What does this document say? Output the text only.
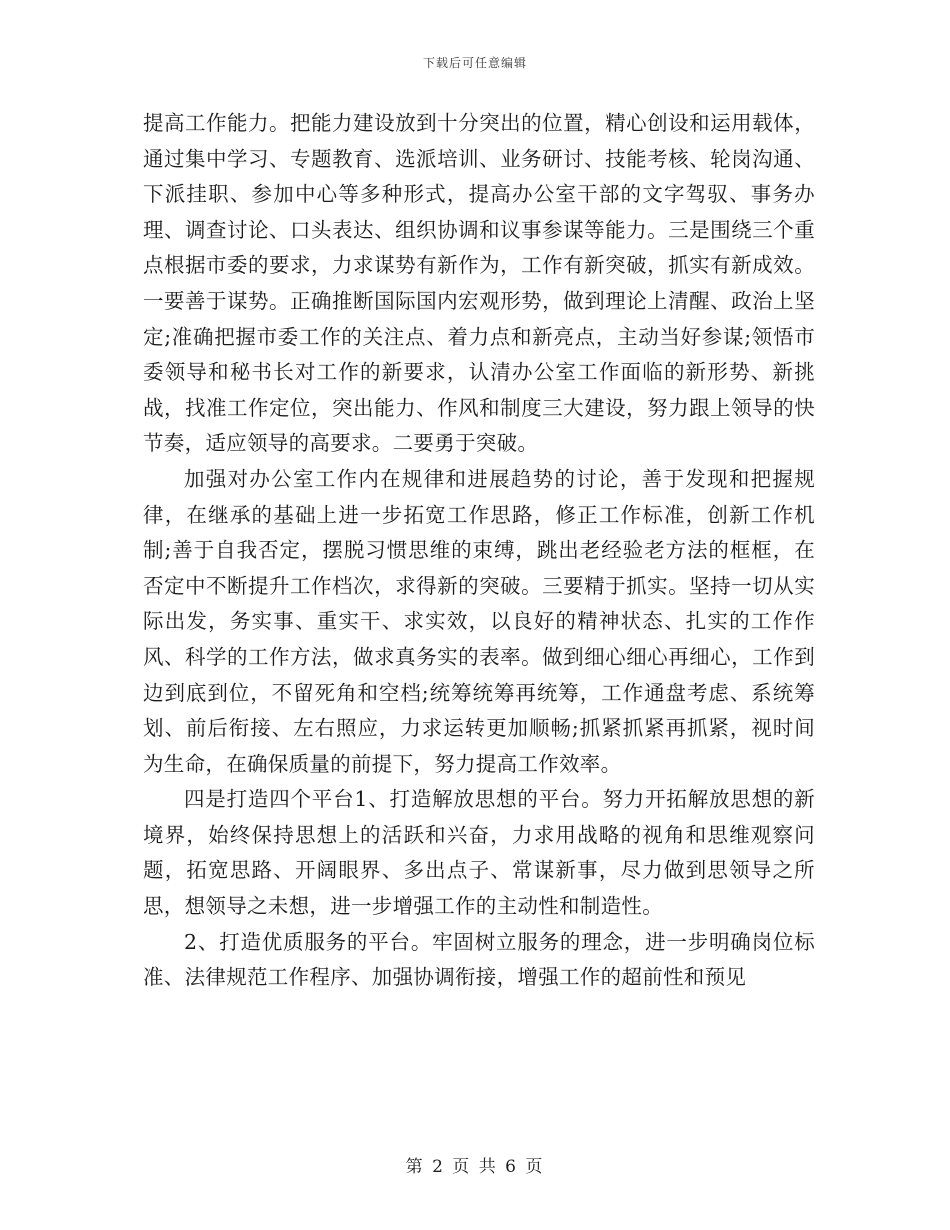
下载后可任意编辑

提高工作能力。把能力建设放到十分突出的位置，精心创设和运用载体，通过集中学习、专题教育、选派培训、业务研讨、技能考核、轮岗沟通、下派挂职、参加中心等多种形式，提高办公室干部的文字驾驭、事务办理、调查讨论、口头表达、组织协调和议事参谋等能力。三是围绕三个重点根据市委的要求，力求谋势有新作为，工作有新突破，抓实有新成效。一要善于谋势。正确推断国际国内宏观形势，做到理论上清醒、政治上坚定;准确把握市委工作的关注点、着力点和新亮点，主动当好参谋;领悟市委领导和秘书长对工作的新要求，认清办公室工作面临的新形势、新挑战，找准工作定位，突出能力、作风和制度三大建设，努力跟上领导的快节奏，适应领导的高要求。二要勇于突破。

加强对办公室工作内在规律和进展趋势的讨论，善于发现和把握规律，在继承的基础上进一步拓宽工作思路，修正工作标准，创新工作机制;善于自我否定，摆脱习惯思维的束缚，跳出老经验老方法的框框，在否定中不断提升工作档次，求得新的突破。三要精于抓实。坚持一切从实际出发，务实事、重实干、求实效，以良好的精神状态、扎实的工作作风、科学的工作方法，做求真务实的表率。做到细心细心再细心，工作到边到底到位，不留死角和空档;统筹统筹再统筹，工作通盘考虑、系统筹划、前后衔接、左右照应，力求运转更加顺畅;抓紧抓紧再抓紧，视时间为生命，在确保质量的前提下，努力提高工作效率。

四是打造四个平台1、打造解放思想的平台。努力开拓解放思想的新境界，始终保持思想上的活跃和兴奋，力求用战略的视角和思维观察问题，拓宽思路、开阔眼界、多出点子、常谋新事，尽力做到思领导之所思，想领导之未想，进一步增强工作的主动性和制造性。

2、打造优质服务的平台。牢固树立服务的理念，进一步明确岗位标准、法律规范工作程序、加强协调衔接，增强工作的超前性和预见

第 2 页 共 6 页
